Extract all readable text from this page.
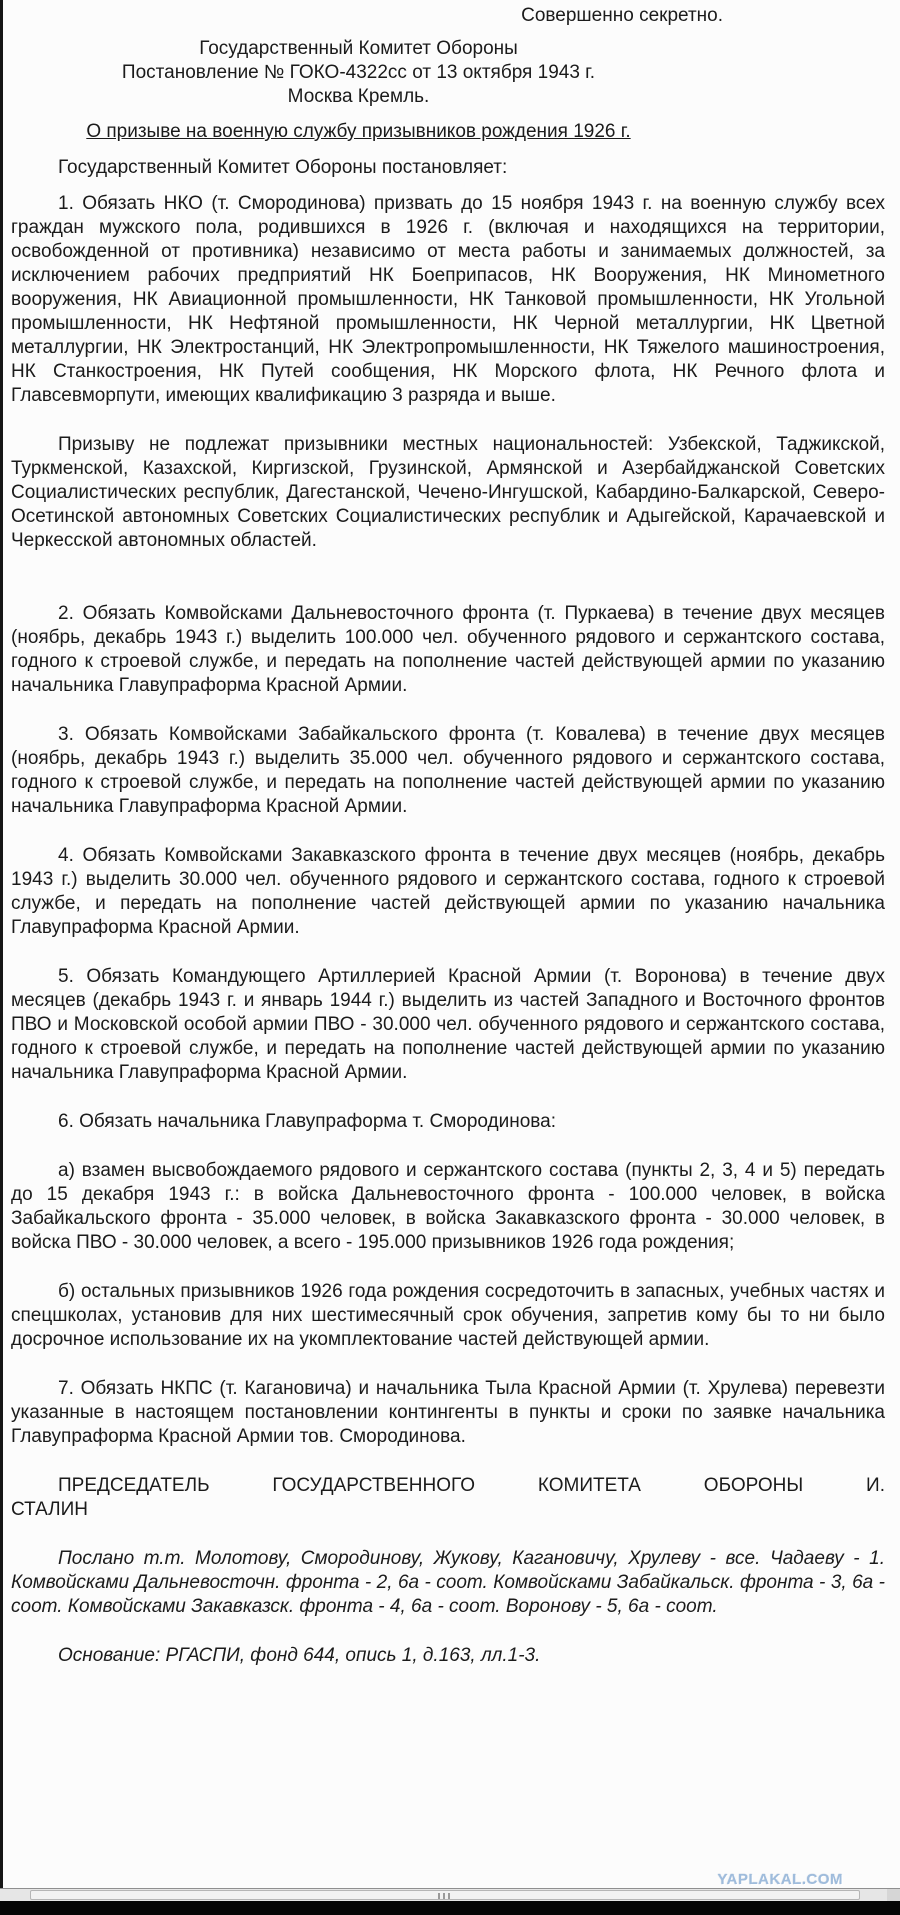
Совершенно секретно.
Государственный Комитет Обороны
Постановление № ГОКО-4322сс от 13 октября 1943 г.
Москва Кремль.
О призыве на военную службу призывников рождения 1926 г.
Государственный Комитет Обороны постановляет:
1. Обязать НКО (т. Смородинова) призвать до 15 ноября 1943 г. на военную службу всех граждан мужского пола, родившихся в 1926 г. (включая и находящихся на территории, освобожденной от противника) независимо от места работы и занимаемых должностей, за исключением рабочих предприятий НК Боеприпасов, НК Вооружения, НК Минометного вооружения, НК Авиационной промышленности, НК Танковой промышленности, НК Угольной промышленности, НК Нефтяной промышленности, НК Черной металлургии, НК Цветной металлургии, НК Электростанций, НК Электропромышленности, НК Тяжелого машиностроения, НК Станкостроения, НК Путей сообщения, НК Морского флота, НК Речного флота и Главсевморпути, имеющих квалификацию 3 разряда и выше.
Призыву не подлежат призывники местных национальностей: Узбекской, Таджикской, Туркменской, Казахской, Киргизской, Грузинской, Армянской и Азербайджанской Советских Социалистических республик, Дагестанской, Чечено-Ингушской, Кабардино-Балкарской, Северо-Осетинской автономных Советских Социалистических республик и Адыгейской, Карачаевской и Черкесской автономных областей.
2. Обязать Комвойсками Дальневосточного фронта (т. Пуркаева) в течение двух месяцев (ноябрь, декабрь 1943 г.) выделить 100.000 чел. обученного рядового и сержантского состава, годного к строевой службе, и передать на пополнение частей действующей армии по указанию начальника Главупраформа Красной Армии.
3. Обязать Комвойсками Забайкальского фронта (т. Ковалева) в течение двух месяцев (ноябрь, декабрь 1943 г.) выделить 35.000 чел. обученного рядового и сержантского состава, годного к строевой службе, и передать на пополнение частей действующей армии по указанию начальника Главупраформа Красной Армии.
4. Обязать Комвойсками Закавказского фронта в течение двух месяцев (ноябрь, декабрь 1943 г.) выделить 30.000 чел. обученного рядового и сержантского состава, годного к строевой службе, и передать на пополнение частей действующей армии по указанию начальника Главупраформа Красной Армии.
5. Обязать Командующего Артиллерией Красной Армии (т. Воронова) в течение двух месяцев (декабрь 1943 г. и январь 1944 г.) выделить из частей Западного и Восточного фронтов ПВО и Московской особой армии ПВО - 30.000 чел. обученного рядового и сержантского состава, годного к строевой службе, и передать на пополнение частей действующей армии по указанию начальника Главупраформа Красной Армии.
6. Обязать начальника Главупраформа т. Смородинова:
а) взамен высвобождаемого рядового и сержантского состава (пункты 2, 3, 4 и 5) передать до 15 декабря 1943 г.: в войска Дальневосточного фронта - 100.000 человек, в войска Забайкальского фронта - 35.000 человек, в войска Закавказского фронта - 30.000 человек, в войска ПВО - 30.000 человек, а всего - 195.000 призывников 1926 года рождения;
б) остальных призывников 1926 года рождения сосредоточить в запасных, учебных частях и спецшколах, установив для них шестимесячный срок обучения, запретив кому бы то ни было досрочное использование их на укомплектование частей действующей армии.
7. Обязать НКПС (т. Кагановича) и начальника Тыла Красной Армии (т. Хрулева) перевезти указанные в настоящем постановлении контингенты в пункты и сроки по заявке начальника Главупраформа Красной Армии тов. Смородинова.
ПРЕДСЕДАТЕЛЬ ГОСУДАРСТВЕННОГО КОМИТЕТА ОБОРОНЫ И.
СТАЛИН
Послано т.т. Молотову, Смородинову, Жукову, Кагановичу, Хрулеву - все. Чадаеву - 1. Комвойсками Дальневосточн. фронта - 2, 6а - соот. Комвойсками Забайкальск. фронта - 3, 6а - соот. Комвойсками Закавказск. фронта - 4, 6а - соот. Воронову - 5, 6а - соот.
Основание: РГАСПИ, фонд 644, опись 1, д.163, лл.1-3.
YAPLAKAL.COM
